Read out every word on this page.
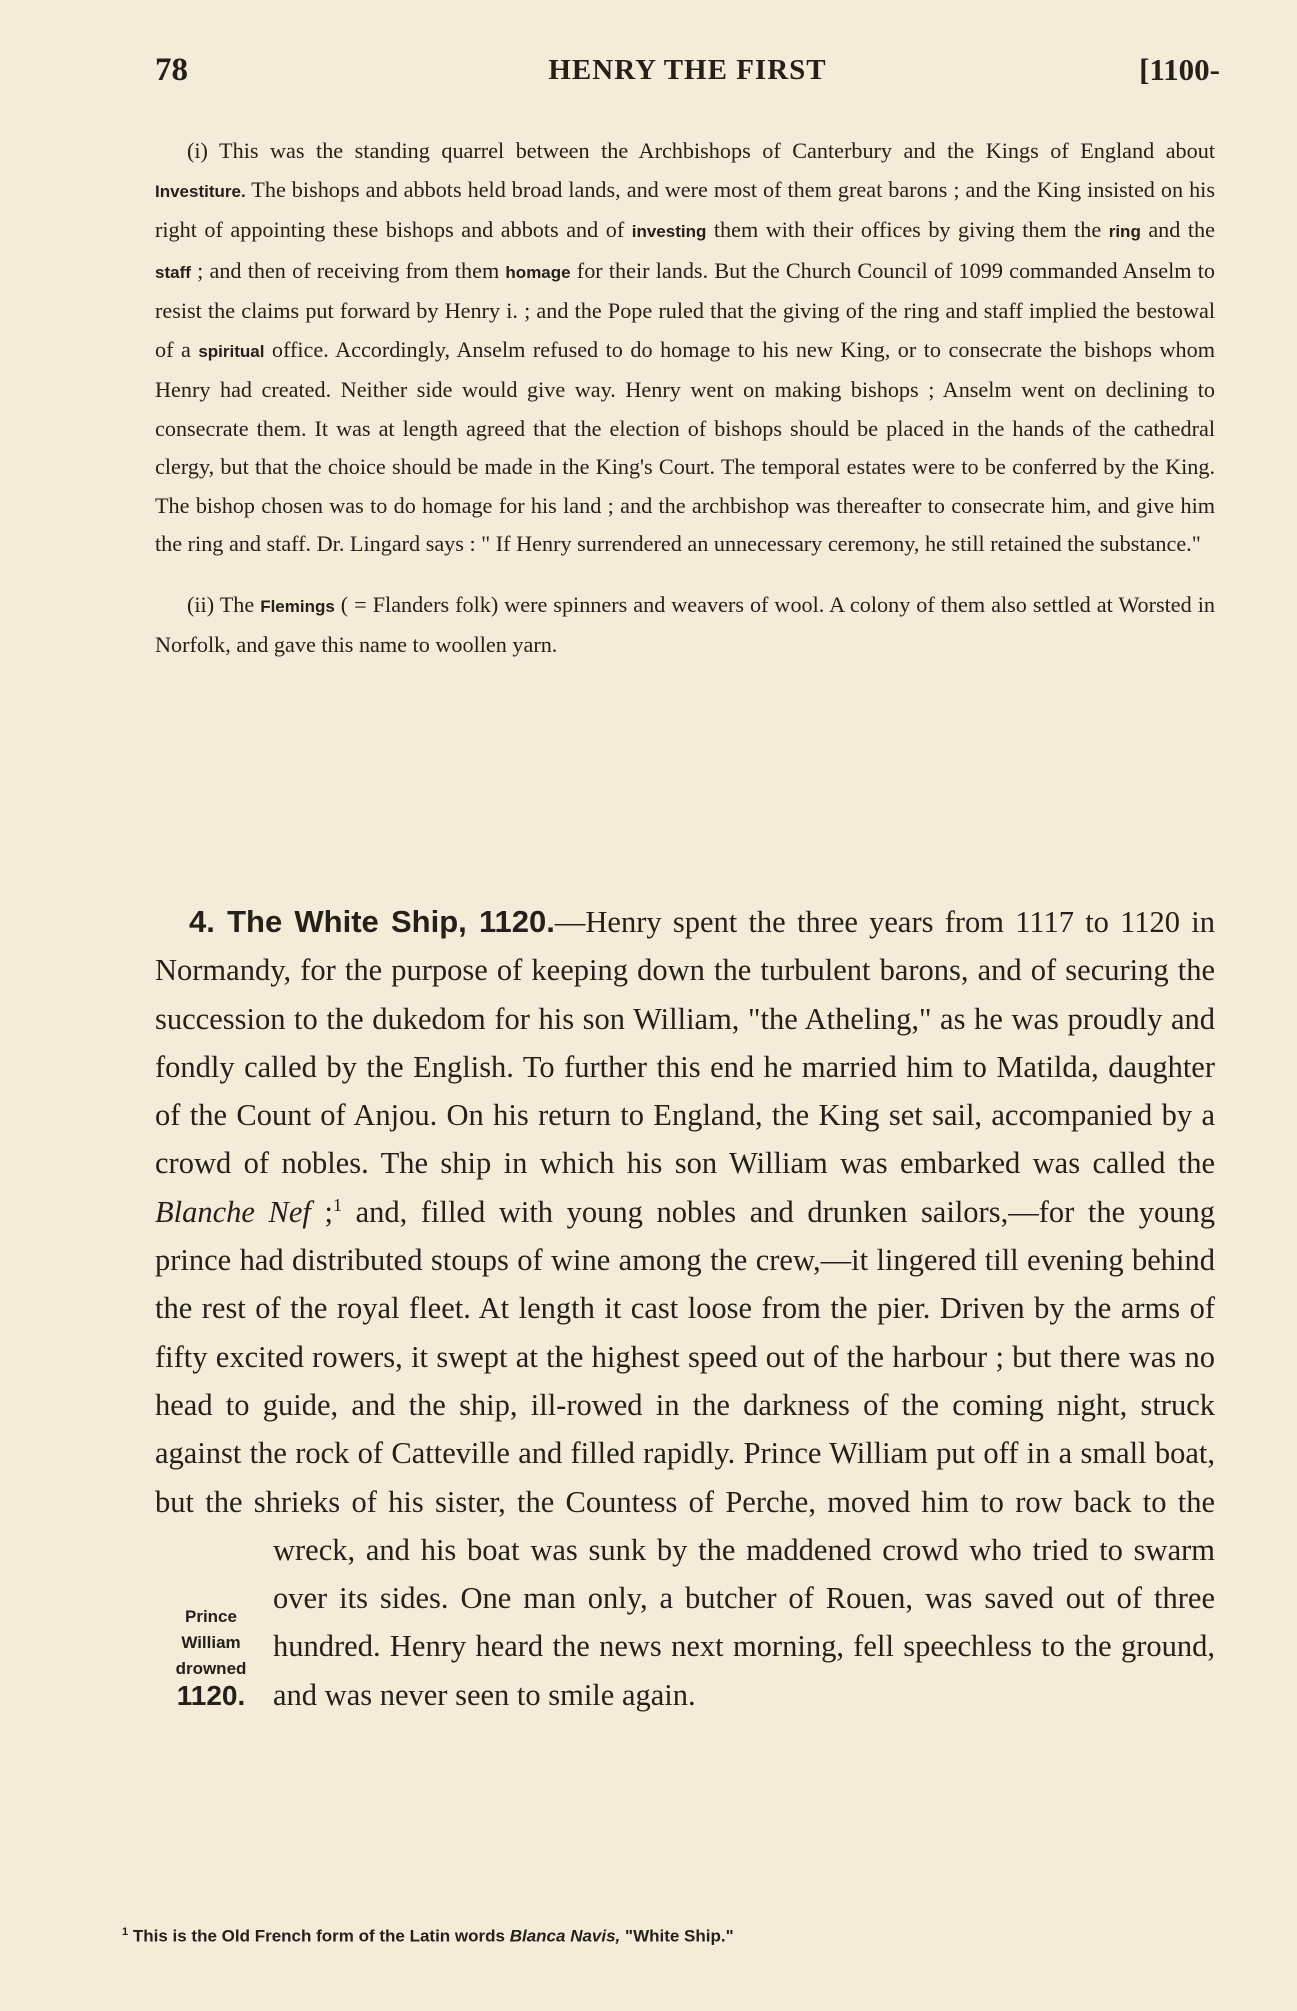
78	HENRY THE FIRST	[1100-

(i) This was the standing quarrel between the Archbishops of Canterbury and the Kings of England about Investiture. The bishops and abbots held broad lands, and were most of them great barons ; and the King insisted on his right of appointing these bishops and abbots and of investing them with their offices by giving them the ring and the staff ; and then of receiving from them homage for their lands. But the Church Council of 1099 commanded Anselm to resist the claims put forward by Henry i. ; and the Pope ruled that the giving of the ring and staff implied the bestowal of a spiritual office. Accordingly, Anselm refused to do homage to his new King, or to consecrate the bishops whom Henry had created. Neither side would give way. Henry went on making bishops ; Anselm went on declining to consecrate them. It was at length agreed that the election of bishops should be placed in the hands of the cathedral clergy, but that the choice should be made in the King's Court. The temporal estates were to be conferred by the King. The bishop chosen was to do homage for his land ; and the archbishop was thereafter to consecrate him, and give him the ring and staff. Dr. Lingard says : " If Henry surrendered an unnecessary ceremony, he still retained the substance."

(ii) The Flemings ( = Flanders folk) were spinners and weavers of wool. A colony of them also settled at Worsted in Norfolk, and gave this name to woollen yarn.

Prince
William
drowned
1120.

4. The White Ship, 1120.—Henry spent the three years from 1117 to 1120 in Normandy, for the purpose of keeping down the turbulent barons, and of securing the succession to the dukedom for his son William, "the Atheling," as he was proudly and fondly called by the English. To further this end he married him to Matilda, daughter of the Count of Anjou. On his return to England, the King set sail, accompanied by a crowd of nobles. The ship in which his son William was embarked was called the Blanche Nef ;$^1$ and, filled with young nobles and drunken sailors,—for the young prince had distributed stoups of wine among the crew,—it lingered till evening behind the rest of the royal fleet. At length it cast loose from the pier. Driven by the arms of fifty excited rowers, it swept at the highest speed out of the harbour ; but there was no head to guide, and the ship, ill-rowed in the darkness of the coming night, struck against the rock of Catteville and filled rapidly. Prince William put off in a small boat, but the shrieks of his sister, the Countess of Perche, moved him to row back to the wreck, and his boat was sunk by the maddened crowd who tried to swarm over its sides. One man only, a butcher of Rouen, was saved out of three hundred. Henry heard the news next morning, fell speechless to the ground, and was never seen to smile again.

$^1$ This is the Old French form of the Latin words Blanca Navis, "White Ship."
